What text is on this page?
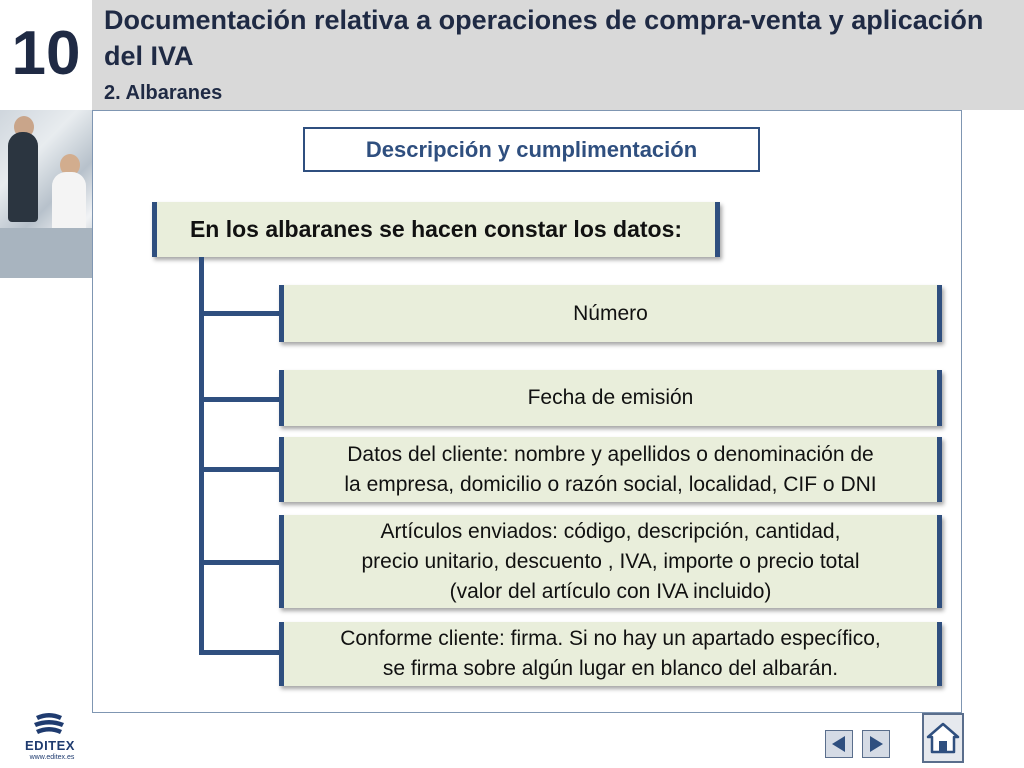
10 Documentación relativa a operaciones de compra-venta y aplicación del IVA
2. Albaranes
Descripción y cumplimentación
En los albaranes se hacen constar los datos:
Número
Fecha de emisión
Datos del cliente: nombre y apellidos o denominación de
la empresa, domicilio o razón social, localidad, CIF o DNI
Artículos enviados: código, descripción, cantidad,
precio unitario, descuento , IVA, importe o precio total
(valor del artículo con IVA incluido)
Conforme cliente: firma. Si no hay un apartado específico,
se firma sobre algún lugar en blanco del albarán.
EDITEX
www.editex.es
